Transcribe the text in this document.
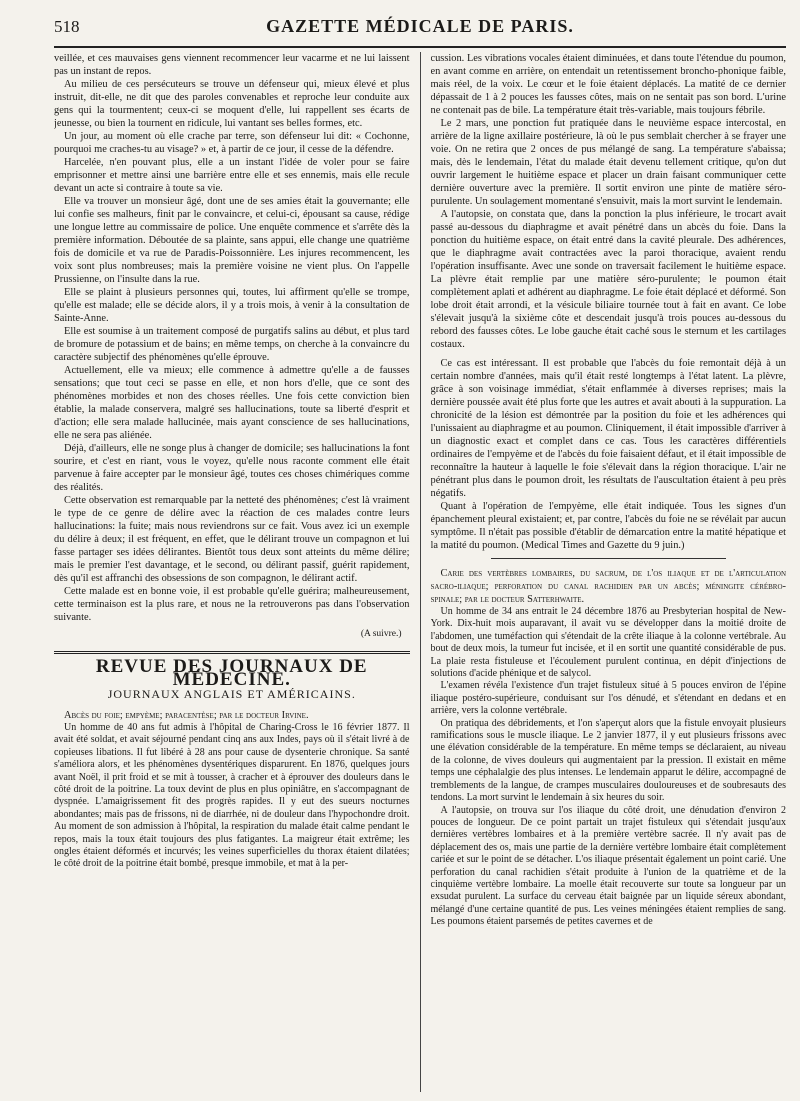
518	GAZETTE MÉDICALE DE PARIS.

veillée, et ces mauvaises gens viennent recommencer leur vacarme et ne lui laissent pas un instant de repos.

Au milieu de ces persécuteurs se trouve un défenseur qui, mieux élevé et plus instruit, dit-elle, ne dit que des paroles convenables et reproche leur conduite aux gens qui la tourmentent; ceux-ci se moquent d'elle, lui rappellent ses écarts de jeunesse, ou bien la tournent en ridicule, lui vantant ses belles formes, etc.

Un jour, au moment où elle crache par terre, son défenseur lui dit: « Cochonne, pourquoi me craches-tu au visage? » et, à partir de ce jour, il cesse de la défendre.

Harcelée, n'en pouvant plus, elle a un instant l'idée de voler pour se faire emprisonner et mettre ainsi une barrière entre elle et ses ennemis, mais elle recule devant un acte si contraire à toute sa vie.

Elle va trouver un monsieur âgé, dont une de ses amies était la gouvernante; elle lui confie ses malheurs, finit par le convaincre, et celui-ci, épousant sa cause, rédige une longue lettre au commissaire de police. Une enquête commence et s'arrête dès la première information. Déboutée de sa plainte, sans appui, elle change une quatrième fois de domicile et va rue de Paradis-Poissonnière. Les injures recommencent, les voix sont plus nombreuses; mais la première voisine ne vient plus. On l'appelle Prussienne, on l'insulte dans la rue.

Elle se plaint à plusieurs personnes qui, toutes, lui affirment qu'elle se trompe, qu'elle est malade; elle se décide alors, il y a trois mois, à venir à la consultation de Sainte-Anne.

Elle est soumise à un traitement composé de purgatifs salins au début, et plus tard de bromure de potassium et de bains; en même temps, on cherche à la convaincre du caractère subjectif des phénomènes qu'elle éprouve.

Actuellement, elle va mieux; elle commence à admettre qu'elle a de fausses sensations; que tout ceci se passe en elle, et non hors d'elle, que ce sont des phénomènes morbides et non des choses réelles. Une fois cette conviction bien établie, la malade conservera, malgré ses hallucinations, toute sa liberté d'esprit et d'action; elle sera malade hallucinée, mais ayant conscience de ses hallucinations, elle ne sera pas aliénée.

Déjà, d'ailleurs, elle ne songe plus à changer de domicile; ses hallucinations la font sourire, et c'est en riant, vous le voyez, qu'elle nous raconte comment elle était parvenue à faire accepter par le monsieur âgé, toutes ces choses chimériques comme des réalités.

Cette observation est remarquable par la netteté des phénomènes; c'est là vraiment le type de ce genre de délire avec la réaction de ces malades contre leurs hallucinations: la fuite; mais nous reviendrons sur ce fait. Vous avez ici un exemple du délire à deux; il est fréquent, en effet, que le délirant trouve un compagnon et lui fasse partager ses idées délirantes. Bientôt tous deux sont atteints du même délire; mais le premier l'est davantage, et le second, ou délirant passif, guérit rapidement, dès qu'il est affranchi des obsessions de son compagnon, le délirant actif.

Cette malade est en bonne voie, il est probable qu'elle guérira; malheureusement, cette terminaison est la plus rare, et nous ne la retrouverons pas dans l'observation suivante.

(A suivre.)
REVUE DES JOURNAUX DE MÉDECINE.
JOURNAUX ANGLAIS ET AMÉRICAINS.

Abcès du foie; empyème; paracentèse; par le docteur Irvine.

Un homme de 40 ans fut admis à l'hôpital de Charing-Cross le 16 février 1877. Il avait été soldat, et avait séjourné pendant cinq ans aux Indes, pays où il s'était livré à de copieuses libations. Il fut libéré à 28 ans pour cause de dysenterie chronique. Sa santé s'améliora alors, et les phénomènes dysentériques disparurent. En 1876, quelques jours avant Noël, il prit froid et se mit à tousser, à cracher et à éprouver des douleurs dans le côté droit de la poitrine. La toux devint de plus en plus opiniâtre, en s'accompagnant de dyspnée. L'amaigrissement fit des progrès rapides. Il y eut des sueurs nocturnes abondantes; mais pas de frissons, ni de diarrhée, ni de douleur dans l'hypochondre droit. Au moment de son admission à l'hôpital, la respiration du malade était calme pendant le repos, mais la toux était toujours des plus fatigantes. La maigreur était extrême; les ongles étaient déformés et incurvés; les veines superficielles du thorax étaient dilatées; le côté droit de la poitrine était bombé, presque immobile, et mat à la per-

cussion. Les vibrations vocales étaient diminuées, et dans toute l'étendue du poumon, en avant comme en arrière, on entendait un retentissement broncho-phonique faible, mais réel, de la voix. Le cœur et le foie étaient déplacés. La matité de ce dernier dépassait de 1 à 2 pouces les fausses côtes, mais on ne sentait pas son bord. L'urine ne contenait pas de bile. La température était très-variable, mais toujours fébrile.

Le 2 mars, une ponction fut pratiquée dans le neuvième espace intercostal, en arrière de la ligne axillaire postérieure, là où le pus semblait chercher à se frayer une voie. On ne retira que 2 onces de pus mélangé de sang. La température s'abaissa; mais, dès le lendemain, l'état du malade était devenu tellement critique, qu'on dut ouvrir largement le huitième espace et placer un drain faisant communiquer cette dernière ouverture avec la première. Il sortit environ une pinte de matière séro-purulente. Un soulagement momentané s'ensuivit, mais la mort survint le lendemain.

A l'autopsie, on constata que, dans la ponction la plus inférieure, le trocart avait passé au-dessous du diaphragme et avait pénétré dans un abcès du foie. Dans la ponction du huitième espace, on était entré dans la cavité pleurale. Des adhérences, que le diaphragme avait contractées avec la paroi thoracique, avaient rendu l'opération insuffisante. Avec une sonde on traversait facilement le huitième espace. La plèvre était remplie par une matière séro-purulente; le poumon était complètement aplati et adhérent au diaphragme. Le foie était déplacé et déformé. Son lobe droit était arrondi, et la vésicule biliaire tournée tout à fait en avant. Ce lobe s'élevait jusqu'à la sixième côte et descendait jusqu'à trois pouces au-dessous du rebord des fausses côtes. Le lobe gauche était caché sous le sternum et les cartilages costaux.

Ce cas est intéressant. Il est probable que l'abcès du foie remontait déjà à un certain nombre d'années, mais qu'il était resté longtemps à l'état latent. La plèvre, grâce à son voisinage immédiat, s'était enflammée à diverses reprises; mais la dernière poussée avait été plus forte que les autres et avait abouti à la suppuration. La chronicité de la lésion est démontrée par la position du foie et les adhérences qui l'unissaient au diaphragme et au poumon. Cliniquement, il était impossible d'arriver à un diagnostic exact et complet dans ce cas. Tous les caractères différentiels ordinaires de l'empyème et de l'abcès du foie faisaient défaut, et il était impossible de reconnaître la hauteur à laquelle le foie s'élevait dans la région thoracique. L'air ne pénétrant plus dans le poumon droit, les résultats de l'auscultation étaient à peu près négatifs.

Quant à l'opération de l'empyème, elle était indiquée. Tous les signes d'un épanchement pleural existaient; et, par contre, l'abcès du foie ne se révélait par aucun symptôme. Il n'était pas possible d'établir de démarcation entre la matité hépatique et la matité du poumon. (Medical Times and Gazette du 9 juin.)

Carie des vertèbres lombaires, du sacrum, de l'os iliaque et de l'articulation sacro-iliaque; perforation du canal rachidien par un abcès; méningite cérébro-spinale; par le docteur Satterhwaite.

Un homme de 34 ans entrait le 24 décembre 1876 au Presbyterian hospital de New-York. Dix-huit mois auparavant, il avait vu se développer dans la moitié droite de l'abdomen, une tuméfaction qui s'étendait de la crête iliaque à la colonne vertébrale. Au bout de deux mois, la tumeur fut incisée, et il en sortit une quantité considérable de pus. La plaie resta fistuleuse et l'écoulement purulent continua, en dépit d'injections de solutions d'acide phénique et de salycol.

L'examen révéla l'existence d'un trajet fistuleux situé à 5 pouces environ de l'épine iliaque postéro-supérieure, conduisant sur l'os dénudé, et s'étendant en dedans et en arrière, vers la colonne vertébrale.

On pratiqua des débridements, et l'on s'aperçut alors que la fistule envoyait plusieurs ramifications sous le muscle iliaque. Le 2 janvier 1877, il y eut plusieurs frissons avec une élévation considérable de la température. En même temps se déclaraient, au niveau de la colonne, de vives douleurs qui augmentaient par la pression. Il existait en même temps une céphalalgie des plus intenses. Le lendemain apparut le délire, accompagné de tremblements de la langue, de crampes musculaires douloureuses et de soubresauts des tendons. La mort survint le lendemain à six heures du soir.

A l'autopsie, on trouva sur l'os iliaque du côté droit, une dénudation d'environ 2 pouces de longueur. De ce point partait un trajet fistuleux qui s'étendait jusqu'aux dernières vertèbres lombaires et à la première vertèbre sacrée. Il n'y avait pas de déplacement des os, mais une partie de la dernière vertèbre lombaire était complètement cariée et sur le point de se détacher. L'os iliaque présentait également un point carié. Une perforation du canal rachidien s'était produite à l'union de la quatrième et de la cinquième vertèbre lombaire. La moelle était recouverte sur toute sa longueur par un exsudat purulent. La surface du cerveau était baignée par un liquide séreux abondant, mélangé d'une certaine quantité de pus. Les veines méningées étaient remplies de sang. Les poumons étaient parsemés de petites cavernes et de
